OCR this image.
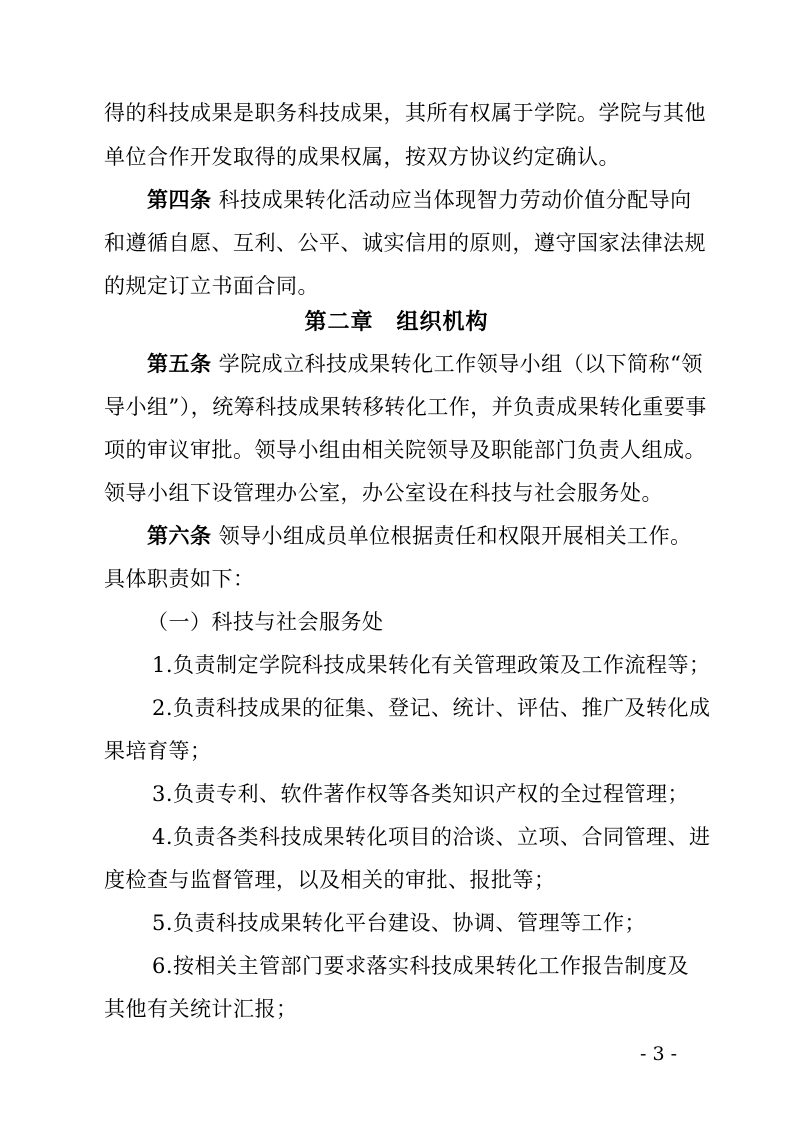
得的科技成果是职务科技成果，其所有权属于学院。学院与其他
单位合作开发取得的成果权属，按双方协议约定确认。
第四条 科技成果转化活动应当体现智力劳动价值分配导向
和遵循自愿、互利、公平、诚实信用的原则，遵守国家法律法规
的规定订立书面合同。
第二章　组织机构
第五条 学院成立科技成果转化工作领导小组（以下简称“领
导小组”），统筹科技成果转移转化工作，并负责成果转化重要事
项的审议审批。领导小组由相关院领导及职能部门负责人组成。
领导小组下设管理办公室，办公室设在科技与社会服务处。
第六条 领导小组成员单位根据责任和权限开展相关工作。
具体职责如下：
（一）科技与社会服务处
1.负责制定学院科技成果转化有关管理政策及工作流程等；
2.负责科技成果的征集、登记、统计、评估、推广及转化成
果培育等；
3.负责专利、软件著作权等各类知识产权的全过程管理；
4.负责各类科技成果转化项目的洽谈、立项、合同管理、进
度检查与监督管理，以及相关的审批、报批等；
5.负责科技成果转化平台建设、协调、管理等工作；
6.按相关主管部门要求落实科技成果转化工作报告制度及
其他有关统计汇报；
- 3 -
